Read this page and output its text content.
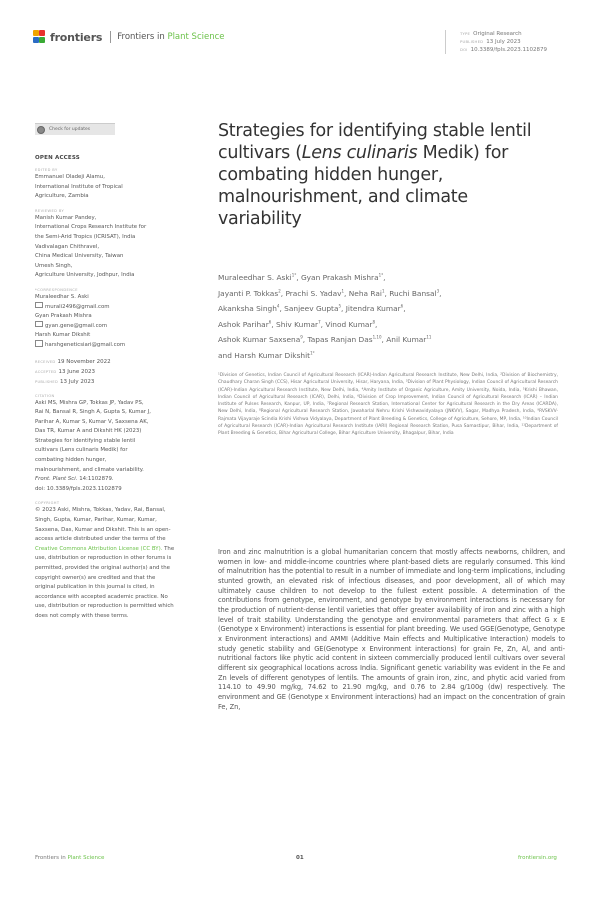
frontiers Frontiers in Plant Science	TYPE Original Research
PUBLISHED 13 July 2023
DOI 10.3389/fpls.2023.1102879
Check for updates
OPEN ACCESS
EDITED BY
Emmanuel Oladeji Alamu,
International Institute of Tropical
Agriculture, Zambia
REVIEWED BY
Manish Kumar Pandey,
International Crops Research Institute for
the Semi-Arid Tropics (ICRISAT), India
Vadivalagan Chithravel,
China Medical University, Taiwan
Umesh Singh,
Agriculture University, Jodhpur, India
*CORRESPONDENCE
Muraleedhar S. Aski
murali2496@gmail.com
Gyan Prakash Mishra
gyan.gene@gmail.com
Harsh Kumar Dikshit
harshgeneticsiari@gmail.com
RECEIVED 19 November 2022
ACCEPTED 13 June 2023
PUBLISHED 13 July 2023
CITATION
Aski MS, Mishra GP, Tokkas JP, Yadav PS,
Rai N, Bansal R, Singh A, Gupta S, Kumar J,
Parihar A, Kumar S, Kumar V, Saxsena AK,
Das TR, Kumar A and Dikshit HK (2023)
Strategies for identifying stable lentil
cultivars (Lens culinaris Medik) for
combating hidden hunger,
malnourishment, and climate variability.
Front. Plant Sci. 14:1102879.
doi: 10.3389/fpls.2023.1102879
COPYRIGHT
© 2023 Aski, Mishra, Tokkas, Yadav, Rai, Bansal, Singh, Gupta, Kumar, Parihar, Kumar, Kumar, Saxsena, Das, Kumar and Dikshit. This is an open-access article distributed under the terms of the Creative Commons Attribution License (CC BY). The use, distribution or reproduction in other forums is permitted, provided the original author(s) and the copyright owner(s) are credited and that the original publication in this journal is cited, in accordance with accepted academic practice. No use, distribution or reproduction is permitted which does not comply with these terms.
Strategies for identifying stable lentil cultivars (Lens culinaris Medik) for combating hidden hunger, malnourishment, and climate variability
Muraleedhar S. Aski$^{1*}$, Gyan Prakash Mishra$^{1*}$,
Jayanti P. Tokkas$^2$, Prachi S. Yadav$^1$, Neha Rai$^1$, Ruchi Bansal$^3$,
Akanksha Singh$^4$, Sanjeev Gupta$^5$, Jitendra Kumar$^6$,
Ashok Parihar$^6$, Shiv Kumar$^7$, Vinod Kumar$^8$,
Ashok Kumar Saxsena$^9$, Tapas Ranjan Das$^{1,10}$, Anil Kumar$^{11}$
and Harsh Kumar Dikshit$^{1*}$
¹Division of Genetics, Indian Council of Agricultural Research (ICAR)-Indian Agricultural Research Institute, New Delhi, India, ²Division of Biochemistry, Chaudhary Charan Singh (CCS), Hisar Agricultural University, Hisar, Haryana, India, ³Division of Plant Physiology, Indian Council of Agricultural Research (ICAR)-Indian Agricultural Research Institute, New Delhi, India, ⁴Amity Institute of Organic Agriculture, Amity University, Noida, India, ⁵Krishi Bhawan, Indian Council of Agricultural Research (ICAR), Delhi, India, ⁶Division of Crop Improvement, Indian Council of Agricultural Research (ICAR) – Indian Institute of Pulses Research, Kanpur, UP, India, ⁷Regional Research Station, International Center for Agricultural Research in the Dry Areas (ICARDA), New Delhi, India, ⁸Regional Agricultural Research Station, Jawaharlal Nehru Krishi Vishwavidyalaya (JNKVV), Sagar, Madhya Pradesh, India, ⁹RVSKVV-Rajmata Vijayaraje Scindia Krishi Vishwa Vidyalaya, Department of Plant Breeding & Genetics, College of Agriculture, Sehore, MP, India, ¹⁰Indian Council of Agricultural Research (ICAR)-Indian Agricultural Research Institute (IARI) Regional Research Station, Pusa Samastipur, Bihar, India, ¹¹Department of Plant Breeding & Genetics, Bihar Agricultural College, Bihar Agriculture University, Bhagalpur, Bihar, India
Iron and zinc malnutrition is a global humanitarian concern that mostly affects newborns, children, and women in low- and middle-income countries where plant-based diets are regularly consumed. This kind of malnutrition has the potential to result in a number of immediate and long-term implications, including stunted growth, an elevated risk of infectious diseases, and poor development, all of which may ultimately cause children to not develop to the fullest extent possible. A determination of the contributions from genotype, environment, and genotype by environment interactions is necessary for the production of nutrient-dense lentil varieties that offer greater availability of iron and zinc with a high level of trait stability. Understanding the genotype and environmental parameters that affect G x E (Genotype x Environment) interactions is essential for plant breeding. We used GGE(Genotype, Genotype x Environment interactions) and AMMI (Additive Main effects and Multiplicative Interaction) models to study genetic stability and GE(Genotype x Environment interactions) for grain Fe, Zn, Al, and anti-nutritional factors like phytic acid content in sixteen commercially produced lentil cultivars over several different six geographical locations across India. Significant genetic variability was evident in the Fe and Zn levels of different genotypes of lentils. The amounts of grain iron, zinc, and phytic acid varied from 114.10 to 49.90 mg/kg, 74.62 to 21.90 mg/kg, and 0.76 to 2.84 g/100g (dw) respectively. The environment and GE (Genotype x Environment interactions) had an impact on the concentration of grain Fe, Zn,
Frontiers in Plant Science	01	frontiersin.org
